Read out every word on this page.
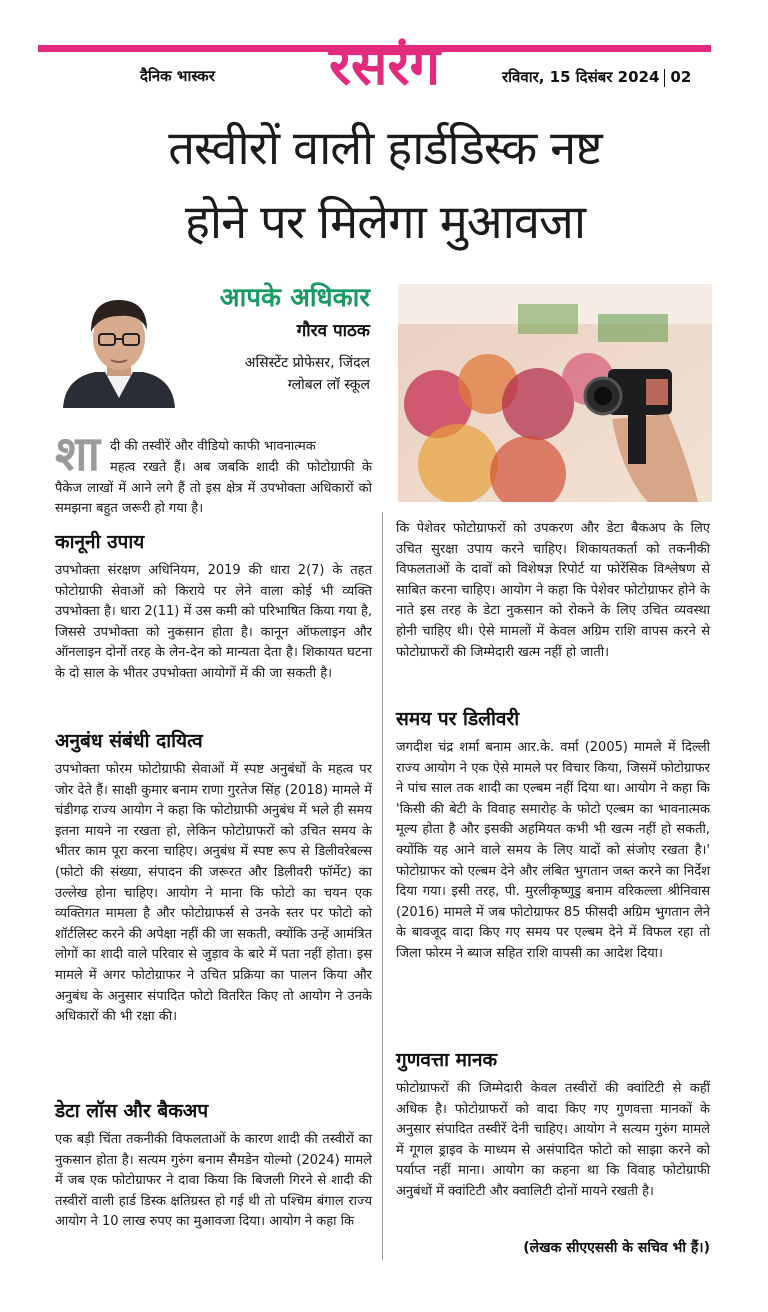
दैनिक भास्कर	रसरंग	रविवार, 15 दिसंबर 2024 02
तस्वीरों वाली हार्डडिस्क नष्ट
होने पर मिलेगा मुआवजा
आपके अधिकार
गौरव पाठक
असिस्टेंट प्रोफेसर, जिंदल
ग्लोबल लॉ स्कूल
शा दी की तस्वीरें और वीडियो काफी भावनात्मक
महत्व रखते हैं। अब जबकि शादी की फोटोग्राफी के पैकेज लाखों में आने लगे हैं तो इस क्षेत्र में उपभोक्ता अधिकारों को समझना बहुत जरूरी हो गया है।
कानूनी उपाय
उपभोक्ता संरक्षण अधिनियम, 2019 की धारा 2(7) के तहत फोटोग्राफी सेवाओं को किराये पर लेने वाला कोई भी व्यक्ति उपभोक्ता है। धारा 2(11) में उस कमी को परिभाषित किया गया है, जिससे उपभोक्ता को नुकसान होता है। कानून ऑफलाइन और ऑनलाइन दोनों तरह के लेन-देन को मान्यता देता है। शिकायत घटना के दो साल के भीतर उपभोक्ता आयोगों में की जा सकती है।
अनुबंध संबंधी दायित्व
उपभोक्ता फोरम फोटोग्राफी सेवाओं में स्पष्ट अनुबंधों के महत्व पर जोर देते हैं। साक्षी कुमार बनाम राणा गुरतेज सिंह (2018) मामले में चंडीगढ़ राज्य आयोग ने कहा कि फोटोग्राफी अनुबंध में भले ही समय इतना मायने ना रखता हो, लेकिन फोटोग्राफरों को उचित समय के भीतर काम पूरा करना चाहिए। अनुबंध में स्पष्ट रूप से डिलीवरेबल्स (फोटो की संख्या, संपादन की जरूरत और डिलीवरी फॉर्मेट) का उल्लेख होना चाहिए। आयोग ने माना कि फोटो का चयन एक व्यक्तिगत मामला है और फोटोग्राफर्स से उनके स्तर पर फोटो को शॉर्टलिस्ट करने की अपेक्षा नहीं की जा सकती, क्योंकि उन्हें आमंत्रित लोगों का शादी वाले परिवार से जुड़ाव के बारे में पता नहीं होता। इस मामले में अगर फोटोग्राफर ने उचित प्रक्रिया का पालन किया और अनुबंध के अनुसार संपादित फोटो वितरित किए तो आयोग ने उनके अधिकारों की भी रक्षा की।
डेटा लॉस और बैकअप
एक बड़ी चिंता तकनीकी विफलताओं के कारण शादी की तस्वीरों का नुकसान होता है। सत्यम गुरुंग बनाम सैमडेन योल्मो (2024) मामले में जब एक फोटोग्राफर ने दावा किया कि बिजली गिरने से शादी की तस्वीरों वाली हार्ड डिस्क क्षतिग्रस्त हो गई थी तो पश्चिम बंगाल राज्य आयोग ने 10 लाख रुपए का मुआवजा दिया। आयोग ने कहा कि
कि पेशेवर फोटोग्राफरों को उपकरण और डेटा बैकअप के लिए उचित सुरक्षा उपाय करने चाहिए। शिकायतकर्ता को तकनीकी विफलताओं के दावों को विशेषज्ञ रिपोर्ट या फोरेंसिक विश्लेषण से साबित करना चाहिए। आयोग ने कहा कि पेशेवर फोटोग्राफर होने के नाते इस तरह के डेटा नुकसान को रोकने के लिए उचित व्यवस्था होनी चाहिए थी। ऐसे मामलों में केवल अग्रिम राशि वापस करने से फोटोग्राफरों की जिम्मेदारी खत्म नहीं हो जाती।
समय पर डिलीवरी
जगदीश चंद्र शर्मा बनाम आर.के. वर्मा (2005) मामले में दिल्ली राज्य आयोग ने एक ऐसे मामले पर विचार किया, जिसमें फोटोग्राफर ने पांच साल तक शादी का एल्बम नहीं दिया था। आयोग ने कहा कि 'किसी की बेटी के विवाह समारोह के फोटो एल्बम का भावनात्मक मूल्य होता है और इसकी अहमियत कभी भी खत्म नहीं हो सकती, क्योंकि यह आने वाले समय के लिए यादों को संजोए रखता है।' फोटोग्राफर को एल्बम देने और लंबित भुगतान जब्त करने का निर्देश दिया गया। इसी तरह, पी. मुरलीकृष्णुडु बनाम वरिकल्ला श्रीनिवास (2016) मामले में जब फोटोग्राफर 85 फीसदी अग्रिम भुगतान लेने के बावजूद वादा किए गए समय पर एल्बम देने में विफल रहा तो जिला फोरम ने ब्याज सहित राशि वापसी का आदेश दिया।
गुणवत्ता मानक
फोटोग्राफरों की जिम्मेदारी केवल तस्वीरों की क्वांटिटी से कहीं अधिक है। फोटोग्राफरों को वादा किए गए गुणवत्ता मानकों के अनुसार संपादित तस्वीरें देनी चाहिए। आयोग ने सत्यम गुरुंग मामले में गूगल ड्राइव के माध्यम से असंपादित फोटो को साझा करने को पर्याप्त नहीं माना। आयोग का कहना था कि विवाह फोटोग्राफी अनुबंधों में क्वांटिटी और क्वालिटी दोनों मायने रखती है।
(लेखक सीएएससी के सचिव भी हैं।)
